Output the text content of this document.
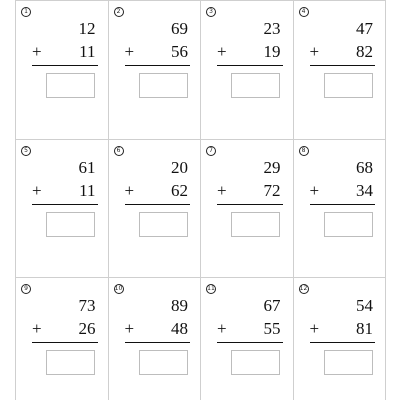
1
12
+ 11
2
69
+ 56
3
23
+ 19
4
47
+ 82
5
61
+ 11
6
20
+ 62
7
29
+ 72
8
68
+ 34
9
73
+ 26
10
89
+ 48
11
67
+ 55
12
54
+ 81
